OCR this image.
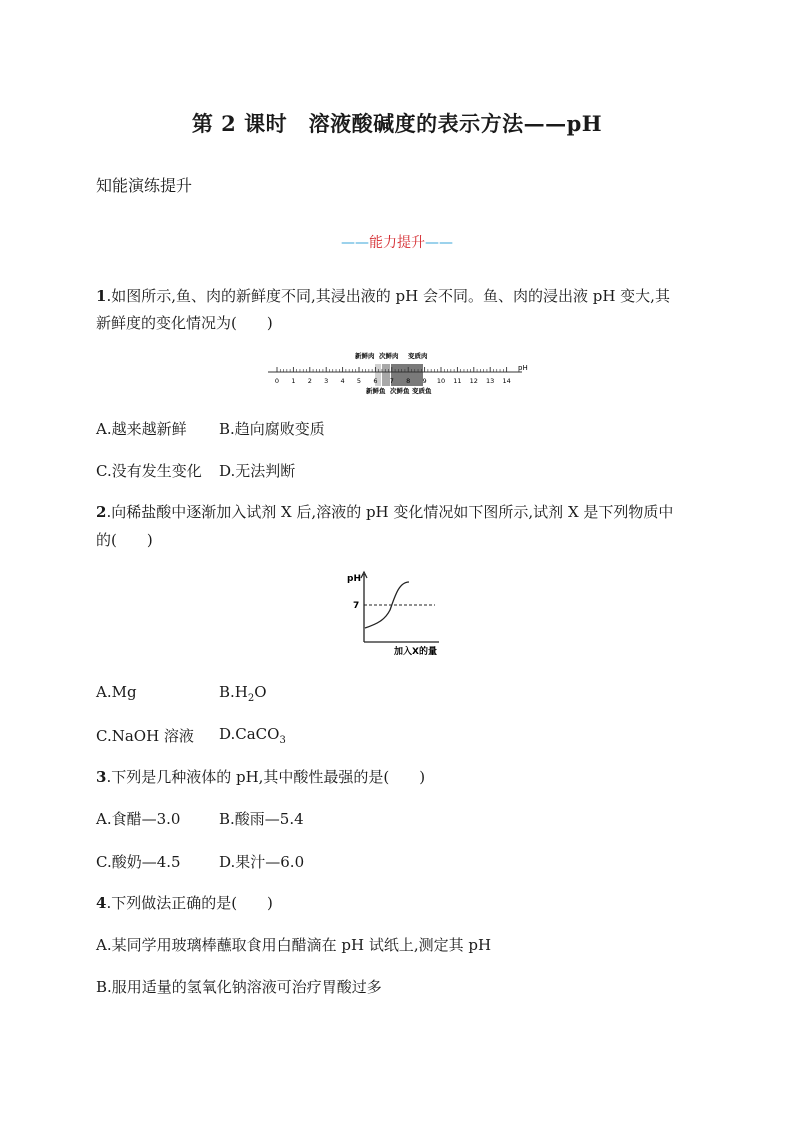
第 2 课时　溶液酸碱度的表示方法——pH
知能演练提升
——能力提升——
1.如图所示,鱼、肉的新鲜度不同,其浸出液的 pH 会不同。鱼、肉的浸出液 pH 变大,其
新鲜度的变化情况为(　　)
0 1 2 3 4 5 6 7 8 9 10 11 12 13 14
pH
新鲜肉 次鲜肉 变质肉
新鲜鱼 次鲜鱼 变质鱼
A.越来越新鲜 B.趋向腐败变质
C.没有发生变化 D.无法判断
2.向稀盐酸中逐渐加入试剂 X 后,溶液的 pH 变化情况如下图所示,试剂 X 是下列物质中
的(　　)
pH
7
加入X的量
A.Mg	$B.H_2O$
C.NaOH 溶液 D.CaCO$_3$
3.下列是几种液体的 pH,其中酸性最强的是(　　)
A.食醋—3.0	B.酸雨—5.4
C.酸奶—4.5	D.果汁—6.0
4.下列做法正确的是(　　)
A.某同学用玻璃棒蘸取食用白醋滴在 pH 试纸上,测定其 pH
B.服用适量的氢氧化钠溶液可治疗胃酸过多
